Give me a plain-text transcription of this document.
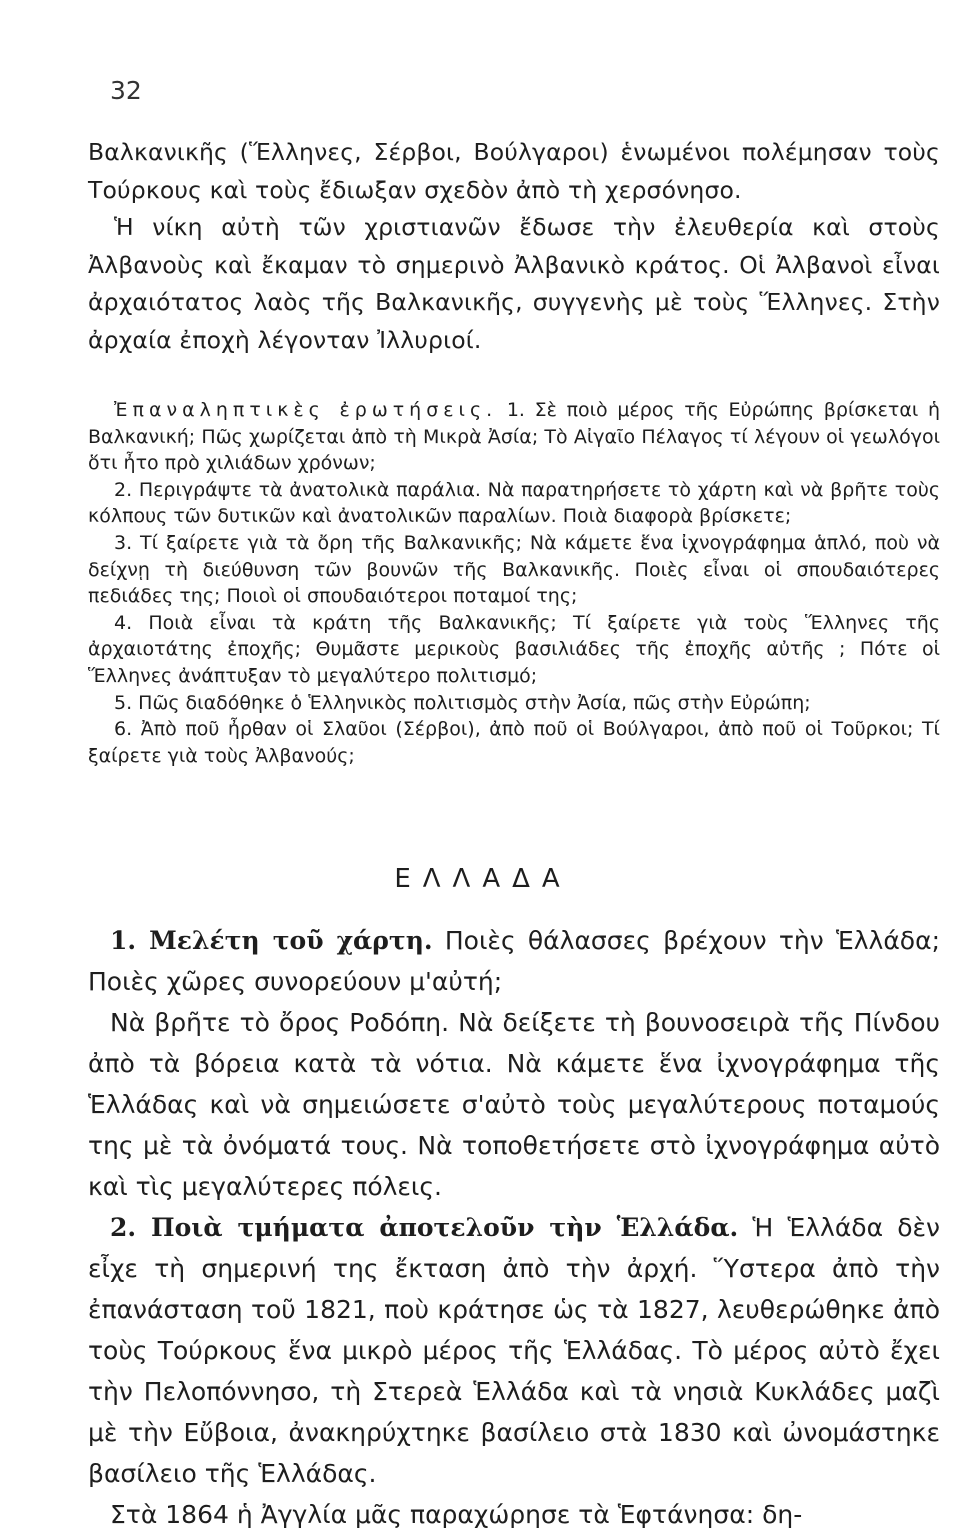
32

Βαλκανικῆς (Ἕλληνες, Σέρβοι, Βούλγαροι) ἑνωμένοι πολέμησαν τοὺς Τούρκους καὶ τοὺς ἔδιωξαν σχεδὸν ἀπὸ τὴ χερσόνησο.

Ἡ νίκη αὐτὴ τῶν χριστιανῶν ἔδωσε τὴν ἐλευθερία καὶ στοὺς Ἀλβανοὺς καὶ ἔκαμαν τὸ σημερινὸ Ἀλβανικὸ κράτος. Οἱ Ἀλβανοὶ εἶναι ἀρχαιότατος λαὸς τῆς Βαλκανικῆς, συγγενὴς μὲ τοὺς Ἕλληνες. Στὴν ἀρχαία ἐποχὴ λέγονταν Ἰλλυριοί.

Ἐπαναληπτικὲς ἐρωτήσεις. 1. Σὲ ποιὸ μέρος τῆς Εὐρώπης βρίσκεται ἡ Βαλκανική; Πῶς χωρίζεται ἀπὸ τὴ Μικρὰ Ἀσία; Τὸ Αἰγαῖο Πέλαγος τί λέγουν οἱ γεωλόγοι ὅτι ἦτο πρὸ χιλιάδων χρόνων;

2. Περιγράψτε τὰ ἀνατολικὰ παράλια. Νὰ παρατηρήσετε τὸ χάρτη καὶ νὰ βρῆτε τοὺς κόλπους τῶν δυτικῶν καὶ ἀνατολικῶν παραλίων. Ποιὰ διαφορὰ βρίσκετε;

3. Τί ξαίρετε γιὰ τὰ ὄρη τῆς Βαλκανικῆς; Νὰ κάμετε ἕνα ἰχνογράφημα ἁπλό, ποὺ νὰ δείχνῃ τὴ διεύθυνση τῶν βουνῶν τῆς Βαλκανικῆς. Ποιὲς εἶναι οἱ σπουδαιότερες πεδιάδες της; Ποιοὶ οἱ σπουδαιότεροι ποταμοί της;

4. Ποιὰ εἶναι τὰ κράτη τῆς Βαλκανικῆς; Τί ξαίρετε γιὰ τοὺς Ἕλληνες τῆς ἀρχαιοτάτης ἐποχῆς; Θυμᾶστε μερικοὺς βασιλιάδες τῆς ἐποχῆς αὐτῆς ; Πότε οἱ Ἕλληνες ἀνάπτυξαν τὸ μεγαλύτερο πολιτισμό;

5. Πῶς διαδόθηκε ὁ Ἑλληνικὸς πολιτισμὸς στὴν Ἀσία, πῶς στὴν Εὐρώπη;

6. Ἀπὸ ποῦ ἦρθαν οἱ Σλαῦοι (Σέρβοι), ἀπὸ ποῦ οἱ Βούλγαροι, ἀπὸ ποῦ οἱ Τοῦρκοι; Τί ξαίρετε γιὰ τοὺς Ἀλβανούς;

ΕΛΛΑΔΑ

1. Μελέτη τοῦ χάρτη. Ποιὲς θάλασσες βρέχουν τὴν Ἑλλάδα; Ποιὲς χῶρες συνορεύουν μ'αὐτή;

Νὰ βρῆτε τὸ ὄρος Ροδόπη. Νὰ δείξετε τὴ βουνοσειρὰ τῆς Πίνδου ἀπὸ τὰ βόρεια κατὰ τὰ νότια. Νὰ κάμετε ἕνα ἰχνογράφημα τῆς Ἑλλάδας καὶ νὰ σημειώσετε σ'αὐτὸ τοὺς μεγαλύτερους ποταμούς της μὲ τὰ ὀνόματά τους. Νὰ τοποθετήσετε στὸ ἰχνογράφημα αὐτὸ καὶ τὶς μεγαλύτερες πόλεις.

2. Ποιὰ τμήματα ἀποτελοῦν τὴν Ἑλλάδα. Ἡ Ἑλλάδα δὲν εἶχε τὴ σημερινή της ἔκταση ἀπὸ τὴν ἀρχή. Ὕστερα ἀπὸ τὴν ἐπανάσταση τοῦ 1821, ποὺ κράτησε ὡς τὰ 1827, λευθερώθηκε ἀπὸ τοὺς Τούρκους ἕνα μικρὸ μέρος τῆς Ἑλλάδας. Τὸ μέρος αὐτὸ ἔχει τὴν Πελοπόννησο, τὴ Στερεὰ Ἑλλάδα καὶ τὰ νησιὰ Κυκλάδες μαζὶ μὲ τὴν Εὔβοια, ἀνακηρύχτηκε βασίλειο στὰ 1830 καὶ ὠνομάστηκε βασίλειο τῆς Ἑλλάδας.

Στὰ 1864 ἡ Ἀγγλία μᾶς παραχώρησε τὰ Ἑφτάνησα: δη-
